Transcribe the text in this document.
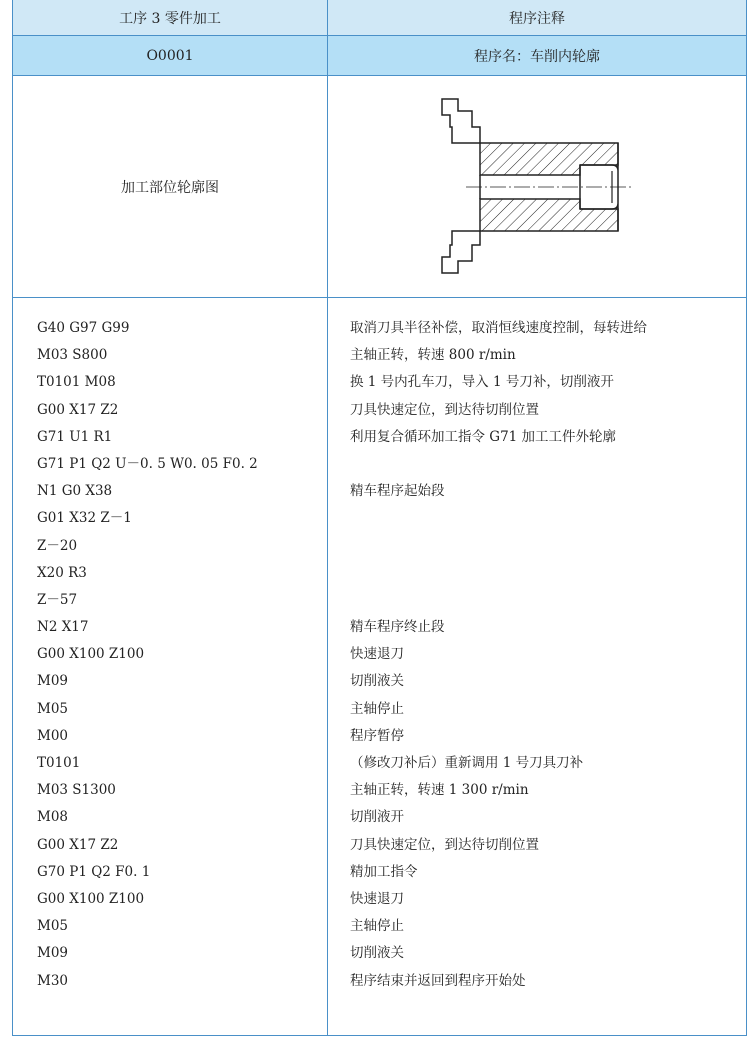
工序 3 零件加工	程序注释
O0001	程序名：车削内轮廓
加工部位轮廓图
G40 G97 G99
M03 S800
T0101 M08
G00 X17 Z2
G71 U1 R1
G71 P1 Q2 U－0. 5 W0. 05 F0. 2
N1 G0 X38
G01 X32 Z－1
Z－20
X20 R3
Z－57
N2 X17
G00 X100 Z100
M09
M05
M00
T0101
M03 S1300
M08
G00 X17 Z2
G70 P1 Q2 F0. 1
G00 X100 Z100
M05
M09
M30
取消刀具半径补偿，取消恒线速度控制，每转进给
主轴正转，转速 800 r/min
换 1 号内孔车刀，导入 1 号刀补，切削液开
刀具快速定位，到达待切削位置
利用复合循环加工指令 G71 加工工件外轮廓
精车程序起始段
精车程序终止段
快速退刀
切削液关
主轴停止
程序暂停
（修改刀补后）重新调用 1 号刀具刀补
主轴正转，转速 1 300 r/min
切削液开
刀具快速定位，到达待切削位置
精加工指令
快速退刀
主轴停止
切削液关
程序结束并返回到程序开始处
